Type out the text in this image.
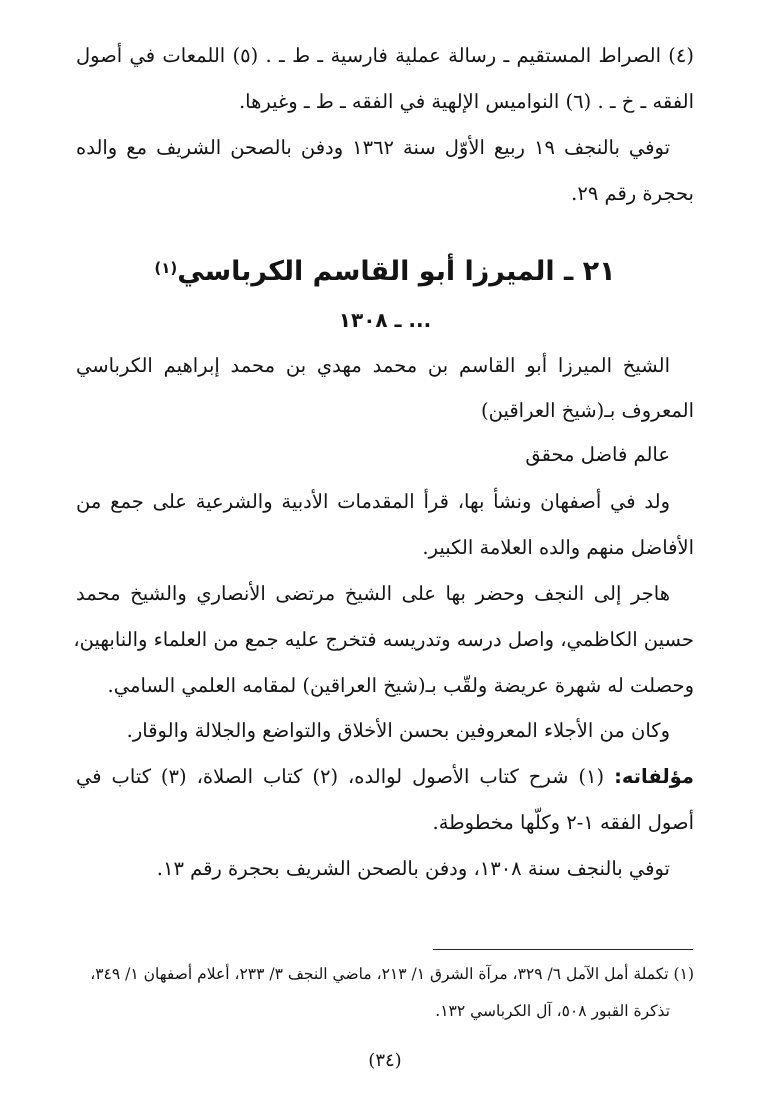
(٤) الصراط المستقيم ـ رسالة عملية فارسية ـ ط ـ . (٥) اللمعات في أصول
الفقه ـ خ ـ . (٦) النواميس الإلهية في الفقه ـ ط ـ وغيرها.
توفي بالنجف ١٩ ربيع الأوّل سنة ١٣٦٢ ودفن بالصحن الشريف مع والده
بحجرة رقم ٢٩.
٢١ ـ الميرزا أبو القاسم الكرباسي$^{(١)}$
... ـ ١٣٠٨
الشيخ الميرزا أبو القاسم بن محمد مهدي بن محمد إبراهيم الكرباسي
المعروف بـ(شيخ العراقين)
عالم فاضل محقق
ولد في أصفهان ونشأ بها، قرأ المقدمات الأدبية والشرعية على جمع من
الأفاضل منهم والده العلامة الكبير.
هاجر إلى النجف وحضر بها على الشيخ مرتضى الأنصاري والشيخ محمد
حسين الكاظمي، واصل درسه وتدريسه فتخرج عليه جمع من العلماء والنابهين،
وحصلت له شهرة عريضة ولقّب بـ(شيخ العراقين) لمقامه العلمي السامي.
وكان من الأجلاء المعروفين بحسن الأخلاق والتواضع والجلالة والوقار.
مؤلفاته: (١) شرح كتاب الأصول لوالده، (٢) كتاب الصلاة، (٣) كتاب في
أصول الفقه ١-٢ وكلّها مخطوطة.
توفي بالنجف سنة ١٣٠٨، ودفن بالصحن الشريف بحجرة رقم ١٣.
(١) تكملة أمل الآمل ٦/ ٣٢٩، مرآة الشرق ١/ ٢١٣، ماضي النجف ٣/ ٢٣٣، أعلام أصفهان ١/ ٣٤٩،
تذكرة القبور ٥٠٨، آل الكرباسي ١٣٢.
(٣٤)
